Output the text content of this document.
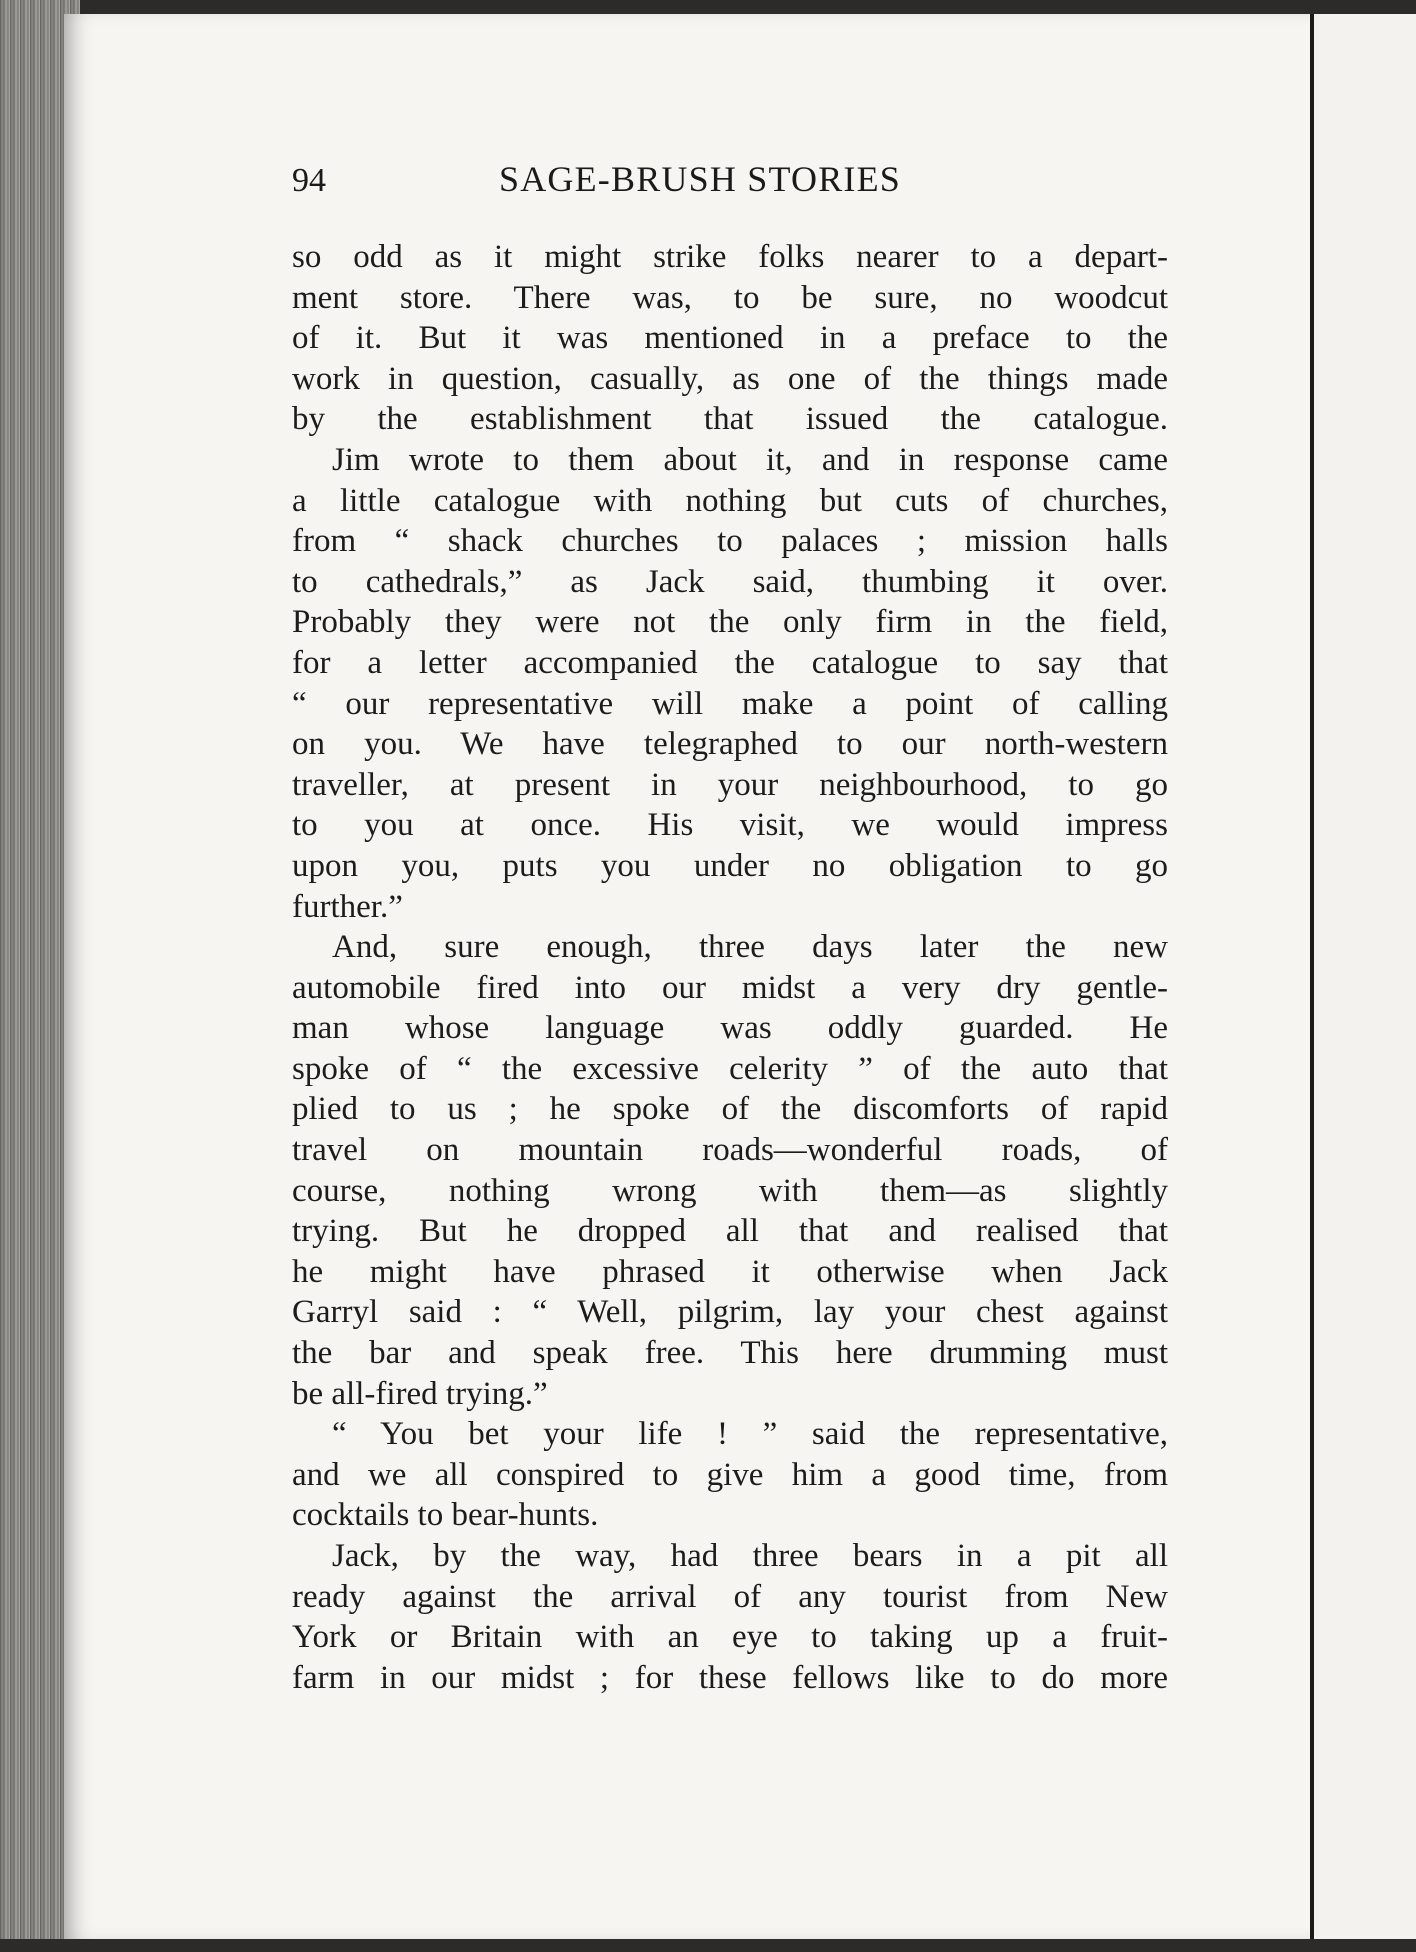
94	SAGE-BRUSH STORIES
so odd as it might strike folks nearer to a depart-
ment store. There was, to be sure, no woodcut
of it. But it was mentioned in a preface to the
work in question, casually, as one of the things made
by the establishment that issued the catalogue.
Jim wrote to them about it, and in response came
a little catalogue with nothing but cuts of churches,
from “ shack churches to palaces ; mission halls
to cathedrals,” as Jack said, thumbing it over.
Probably they were not the only firm in the field,
for a letter accompanied the catalogue to say that
“ our representative will make a point of calling
on you. We have telegraphed to our north-western
traveller, at present in your neighbourhood, to go
to you at once. His visit, we would impress
upon you, puts you under no obligation to go
further.”
And, sure enough, three days later the new
automobile fired into our midst a very dry gentle-
man whose language was oddly guarded. He
spoke of “ the excessive celerity ” of the auto that
plied to us ; he spoke of the discomforts of rapid
travel on mountain roads—wonderful roads, of
course, nothing wrong with them—as slightly
trying. But he dropped all that and realised that
he might have phrased it otherwise when Jack
Garryl said : “ Well, pilgrim, lay your chest against
the bar and speak free. This here drumming must
be all-fired trying.”
“ You bet your life ! ” said the representative,
and we all conspired to give him a good time, from
cocktails to bear-hunts.
Jack, by the way, had three bears in a pit all
ready against the arrival of any tourist from New
York or Britain with an eye to taking up a fruit-
farm in our midst ; for these fellows like to do more
